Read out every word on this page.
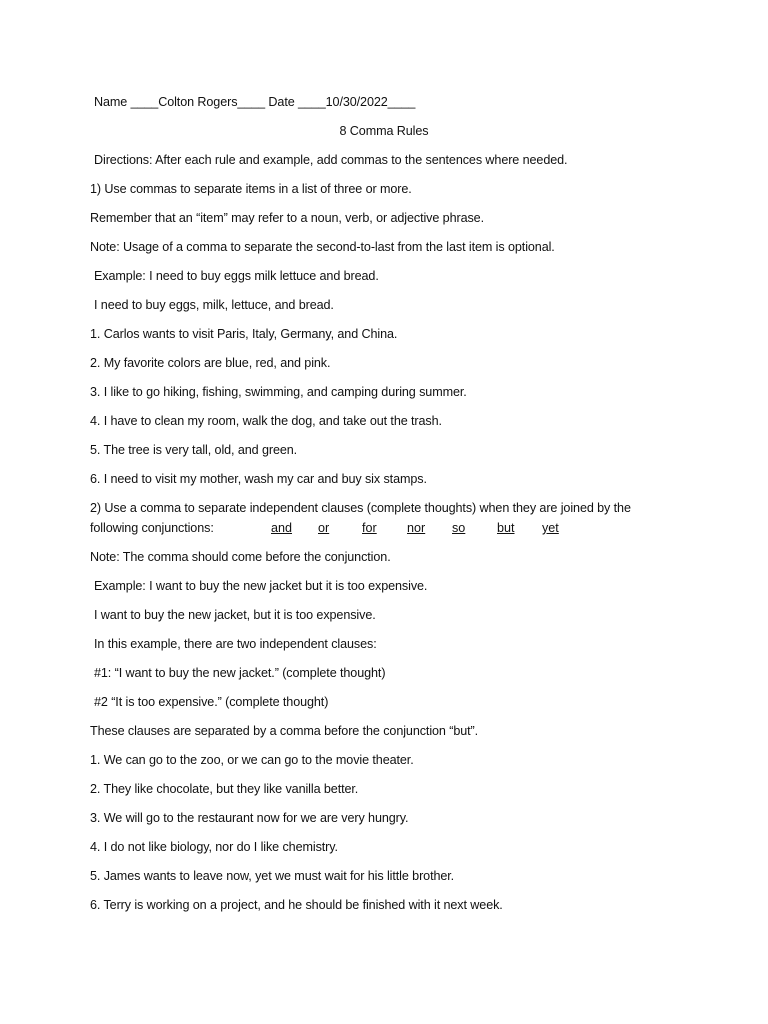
Name ____Colton Rogers____ Date ____10/30/2022____
8 Comma Rules
Directions: After each rule and example, add commas to the sentences where needed.
1) Use commas to separate items in a list of three or more.
Remember that an “item” may refer to a noun, verb, or adjective phrase.
Note: Usage of a comma to separate the second-to-last from the last item is optional.
Example: I need to buy eggs milk lettuce and bread.
I need to buy eggs, milk, lettuce, and bread.
1. Carlos wants to visit Paris, Italy, Germany, and China.
2. My favorite colors are blue, red, and pink.
3. I like to go hiking, fishing, swimming, and camping during summer.
4. I have to clean my room, walk the dog, and take out the trash.
5. The tree is very tall, old, and green.
6. I need to visit my mother, wash my car and buy six stamps.
2) Use a comma to separate independent clauses (complete thoughts) when they are joined by the
following conjunctions:	and or	for nor so	but yet
Note: The comma should come before the conjunction.
Example: I want to buy the new jacket but it is too expensive.
I want to buy the new jacket, but it is too expensive.
In this example, there are two independent clauses:
#1: “I want to buy the new jacket.” (complete thought)
#2 “It is too expensive.” (complete thought)
These clauses are separated by a comma before the conjunction “but”.
1. We can go to the zoo, or we can go to the movie theater.
2. They like chocolate, but they like vanilla better.
3. We will go to the restaurant now for we are very hungry.
4. I do not like biology, nor do I like chemistry.
5. James wants to leave now, yet we must wait for his little brother.
6. Terry is working on a project, and he should be finished with it next week.
